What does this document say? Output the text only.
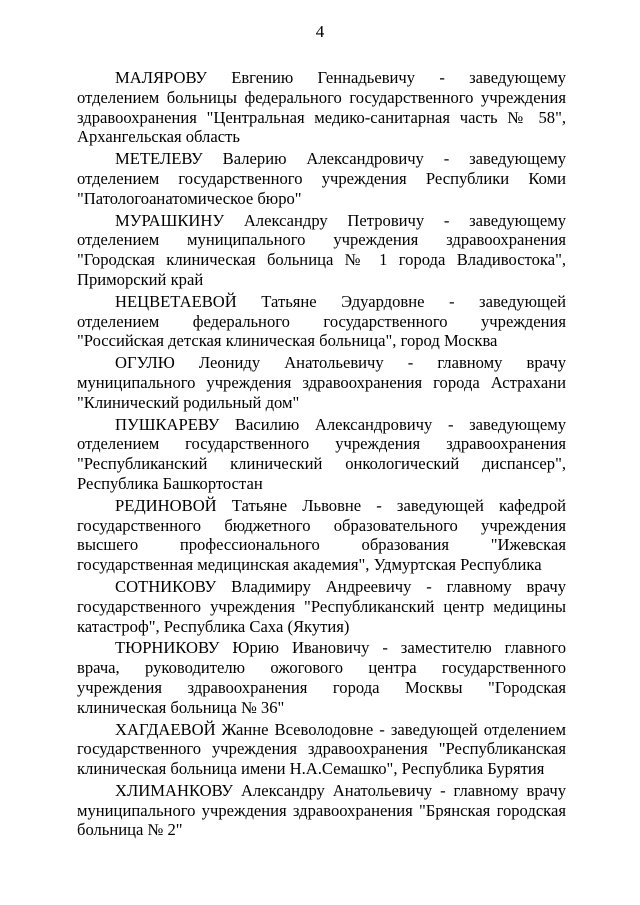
4

МАЛЯРОВУ Евгению Геннадьевичу - заведующему отделением больницы федерального государственного учреждения здравоохранения "Центральная медико-санитарная часть № 58", Архангельская область

МЕТЕЛЕВУ Валерию Александровичу - заведующему отделением государственного учреждения Республики Коми "Патологоанатомическое бюро"

МУРАШКИНУ Александру Петровичу - заведующему отделением муниципального учреждения здравоохранения "Городская клиническая больница № 1 города Владивостока", Приморский край

НЕЦВЕТАЕВОЙ Татьяне Эдуардовне - заведующей отделением федерального государственного учреждения "Российская детская клиническая больница", город Москва

ОГУЛЮ Леониду Анатольевичу - главному врачу муниципального учреждения здравоохранения города Астрахани "Клинический родильный дом"

ПУШКАРЕВУ Василию Александровичу - заведующему отделением государственного учреждения здравоохранения "Республиканский клинический онкологический диспансер", Республика Башкортостан

РЕДИНОВОЙ Татьяне Львовне - заведующей кафедрой государственного бюджетного образовательного учреждения высшего профессионального образования "Ижевская государственная медицинская академия", Удмуртская Республика

СОТНИКОВУ Владимиру Андреевичу - главному врачу государственного учреждения "Республиканский центр медицины катастроф", Республика Саха (Якутия)

ТЮРНИКОВУ Юрию Ивановичу - заместителю главного врача, руководителю ожогового центра государственного учреждения здравоохранения города Москвы "Городская клиническая больница № 36"

ХАГДАЕВОЙ Жанне Всеволодовне - заведующей отделением государственного учреждения здравоохранения "Республиканская клиническая больница имени Н.А.Семашко", Республика Бурятия

ХЛИМАНКОВУ Александру Анатольевичу - главному врачу муниципального учреждения здравоохранения "Брянская городская больница № 2"
